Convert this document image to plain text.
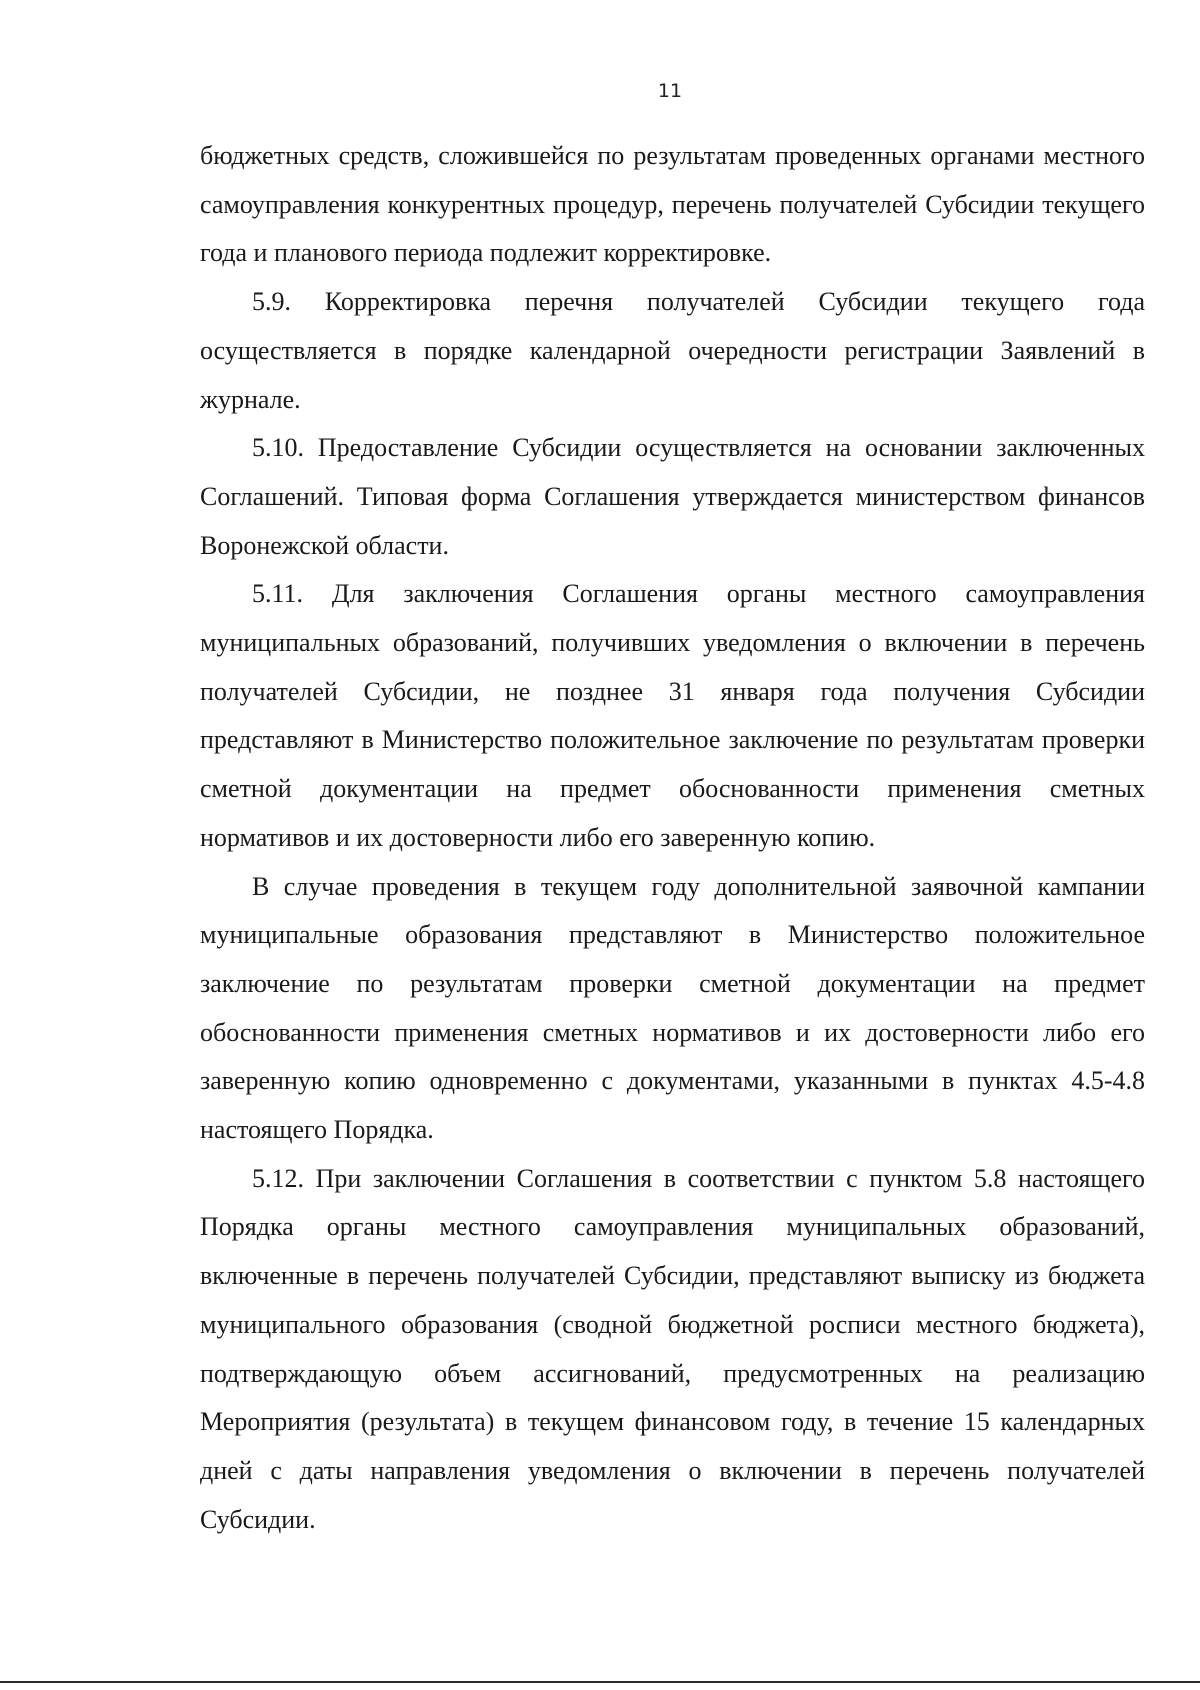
11

бюджетных средств, сложившейся по результатам проведенных органами местного самоуправления конкурентных процедур, перечень получателей Субсидии текущего года и планового периода подлежит корректировке.

5.9. Корректировка перечня получателей Субсидии текущего года осуществляется в порядке календарной очередности регистрации Заявлений в журнале.

5.10. Предоставление Субсидии осуществляется на основании заключенных Соглашений. Типовая форма Соглашения утверждается министерством финансов Воронежской области.

5.11. Для заключения Соглашения органы местного самоуправления муниципальных образований, получивших уведомления о включении в перечень получателей Субсидии, не позднее 31 января года получения Субсидии представляют в Министерство положительное заключение по результатам проверки сметной документации на предмет обоснованности применения сметных нормативов и их достоверности либо его заверенную копию.

В случае проведения в текущем году дополнительной заявочной кампании муниципальные образования представляют в Министерство положительное заключение по результатам проверки сметной документации на предмет обоснованности применения сметных нормативов и их достоверности либо его заверенную копию одновременно с документами, указанными в пунктах 4.5-4.8 настоящего Порядка.

5.12. При заключении Соглашения в соответствии с пунктом 5.8 настоящего Порядка органы местного самоуправления муниципальных образований, включенные в перечень получателей Субсидии, представляют выписку из бюджета муниципального образования (сводной бюджетной росписи местного бюджета), подтверждающую объем ассигнований, предусмотренных на реализацию Мероприятия (результата) в текущем финансовом году, в течение 15 календарных дней с даты направления уведомления о включении в перечень получателей Субсидии.
